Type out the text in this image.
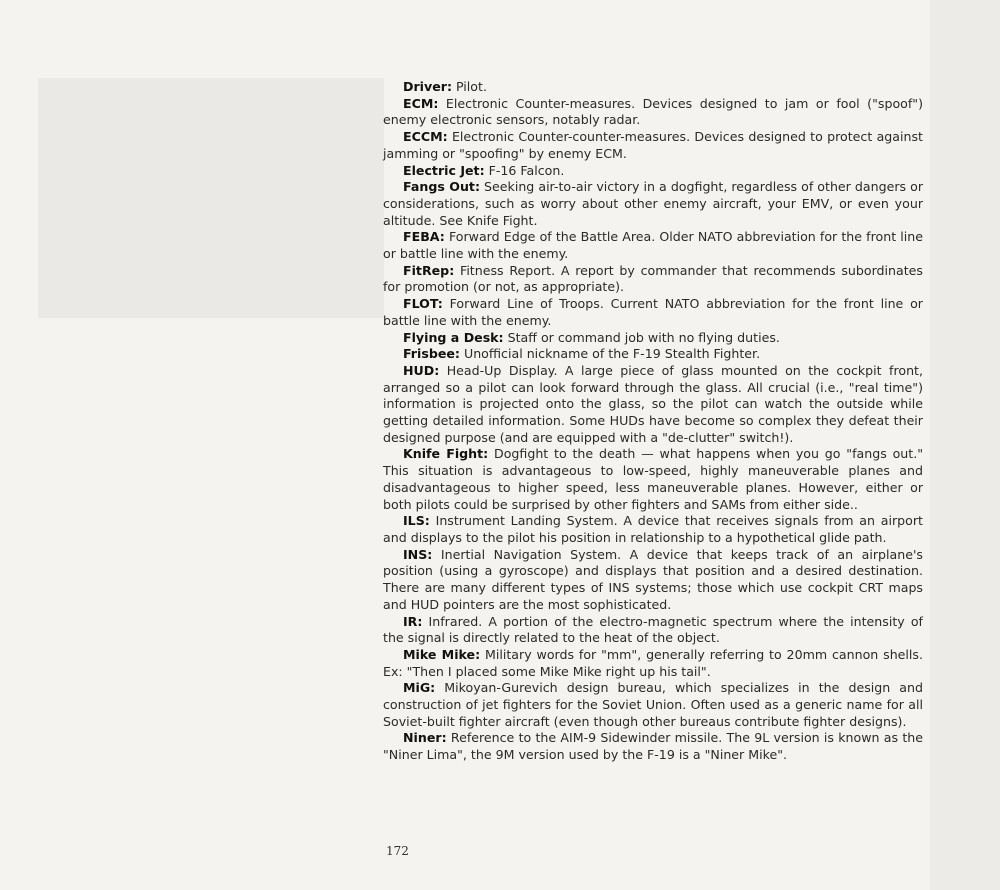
Driver: Pilot.

ECM: Electronic Counter-measures. Devices designed to jam or fool ("spoof") enemy electronic sensors, notably radar.

ECCM: Electronic Counter-counter-measures. Devices designed to protect against jamming or "spoofing" by enemy ECM.

Electric Jet: F-16 Falcon.

Fangs Out: Seeking air-to-air victory in a dogfight, regardless of other dangers or considerations, such as worry about other enemy aircraft, your EMV, or even your altitude. See Knife Fight.

FEBA: Forward Edge of the Battle Area. Older NATO abbreviation for the front line or battle line with the enemy.

FitRep: Fitness Report. A report by commander that recommends subordinates for promotion (or not, as appropriate).

FLOT: Forward Line of Troops. Current NATO abbreviation for the front line or battle line with the enemy.

Flying a Desk: Staff or command job with no flying duties.

Frisbee: Unofficial nickname of the F-19 Stealth Fighter.

HUD: Head-Up Display. A large piece of glass mounted on the cockpit front, arranged so a pilot can look forward through the glass. All crucial (i.e., "real time") information is projected onto the glass, so the pilot can watch the outside while getting detailed information. Some HUDs have become so complex they defeat their designed purpose (and are equipped with a "de-clutter" switch!).

Knife Fight: Dogfight to the death — what happens when you go "fangs out." This situation is advantageous to low-speed, highly maneuverable planes and disadvantageous to higher speed, less maneuverable planes. However, either or both pilots could be surprised by other fighters and SAMs from either side..

ILS: Instrument Landing System. A device that receives signals from an airport and displays to the pilot his position in relationship to a hypothetical glide path.

INS: Inertial Navigation System. A device that keeps track of an airplane's position (using a gyroscope) and displays that position and a desired destination. There are many different types of INS systems; those which use cockpit CRT maps and HUD pointers are the most sophisticated.

IR: Infrared. A portion of the electro-magnetic spectrum where the intensity of the signal is directly related to the heat of the object.

Mike Mike: Military words for "mm", generally referring to 20mm cannon shells. Ex: "Then I placed some Mike Mike right up his tail".

MiG: Mikoyan-Gurevich design bureau, which specializes in the design and construction of jet fighters for the Soviet Union. Often used as a generic name for all Soviet-built fighter aircraft (even though other bureaus contribute fighter designs).

Niner: Reference to the AIM-9 Sidewinder missile. The 9L version is known as the "Niner Lima", the 9M version used by the F-19 is a "Niner Mike".

172
